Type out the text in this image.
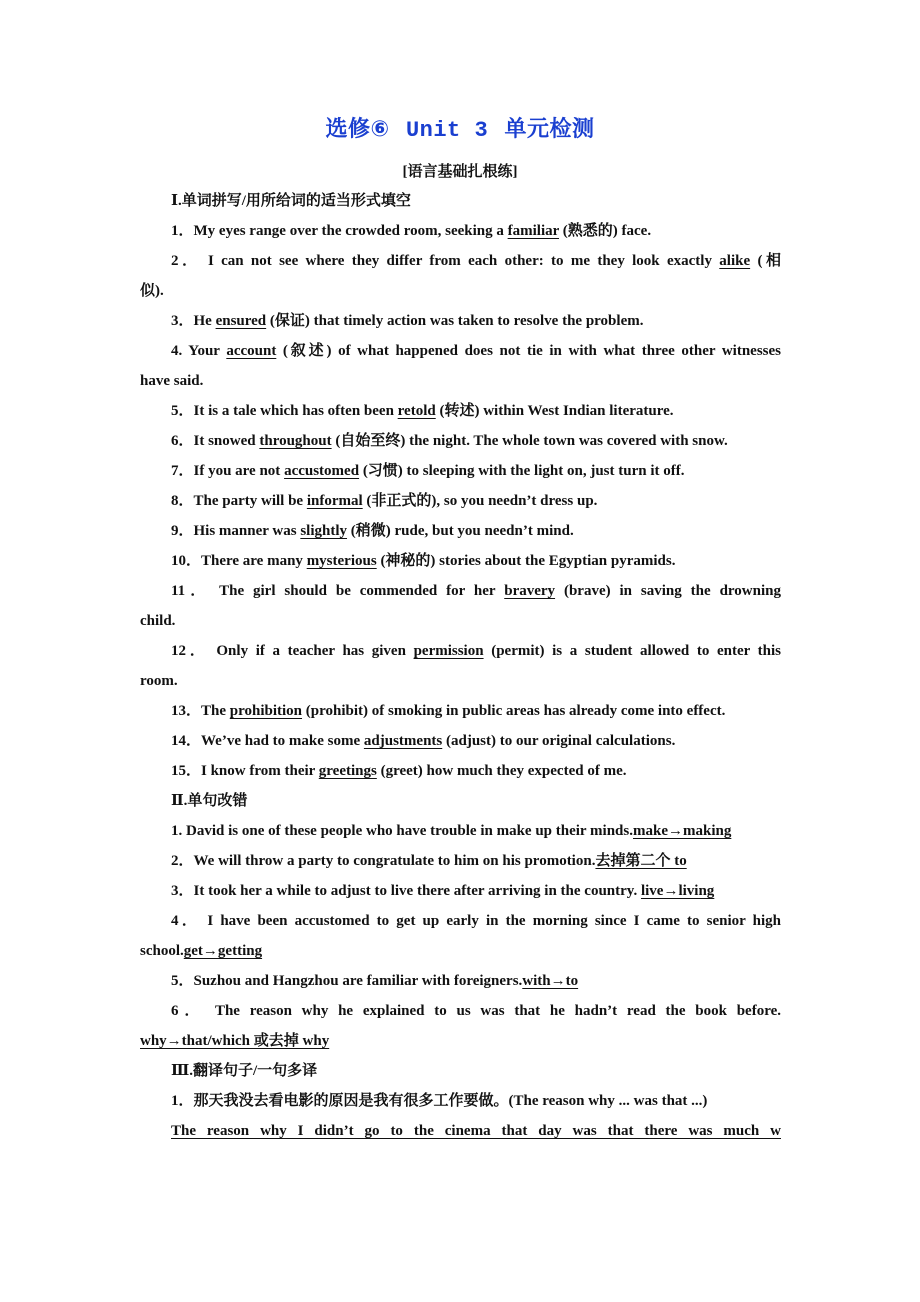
选修⑥ Unit 3 单元检测
[语言基础扎根练]

Ⅰ.单词拼写/用所给词的适当形式填空

1．My eyes range over the crowded room, seeking a familiar (熟悉的) face.

2． I can not see where they differ from each other: to me they look exactly alike (相

似).

3．He ensured (保证) that timely action was taken to resolve the problem.

4. Your account (叙述) of what happened does not tie in with what three other witnesses

have said.

5．It is a tale which has often been retold (转述) within West Indian literature.

6．It snowed throughout (自始至终) the night. The whole town was covered with snow.

7．If you are not accustomed (习惯) to sleeping with the light on, just turn it off.

8．The party will be informal (非正式的), so you needn’t dress up.

9．His manner was slightly (稍微) rude, but you needn’t mind.

10．There are many mysterious (神秘的) stories about the Egyptian pyramids.

11． The girl should be commended for her bravery (brave) in saving the drowning

child.

12． Only if a teacher has given permission (permit) is a student allowed to enter this

room.

13．The prohibition (prohibit) of smoking in public areas has already come into effect.

14．We’ve had to make some adjustments (adjust) to our original calculations.

15．I know from their greetings (greet) how much they expected of me.

Ⅱ.单句改错

1. David is one of these people who have trouble in make up their minds.make→making

2．We will throw a party to congratulate to him on his promotion.去掉第二个 to

3．It took her a while to adjust to live there after arriving in the country. live→living

4． I have been accustomed to get up early in the morning since I came to senior high

school.get→getting

5．Suzhou and Hangzhou are familiar with foreigners.with→to

6． The reason why he explained to us was that he hadn’t read the book before.

why→that/which 或去掉 why

Ⅲ.翻译句子/一句多译

1．那天我没去看电影的原因是我有很多工作要做。(The reason why ... was that ...)

The reason why I didn’t go to the cinema that day was that there was much w
